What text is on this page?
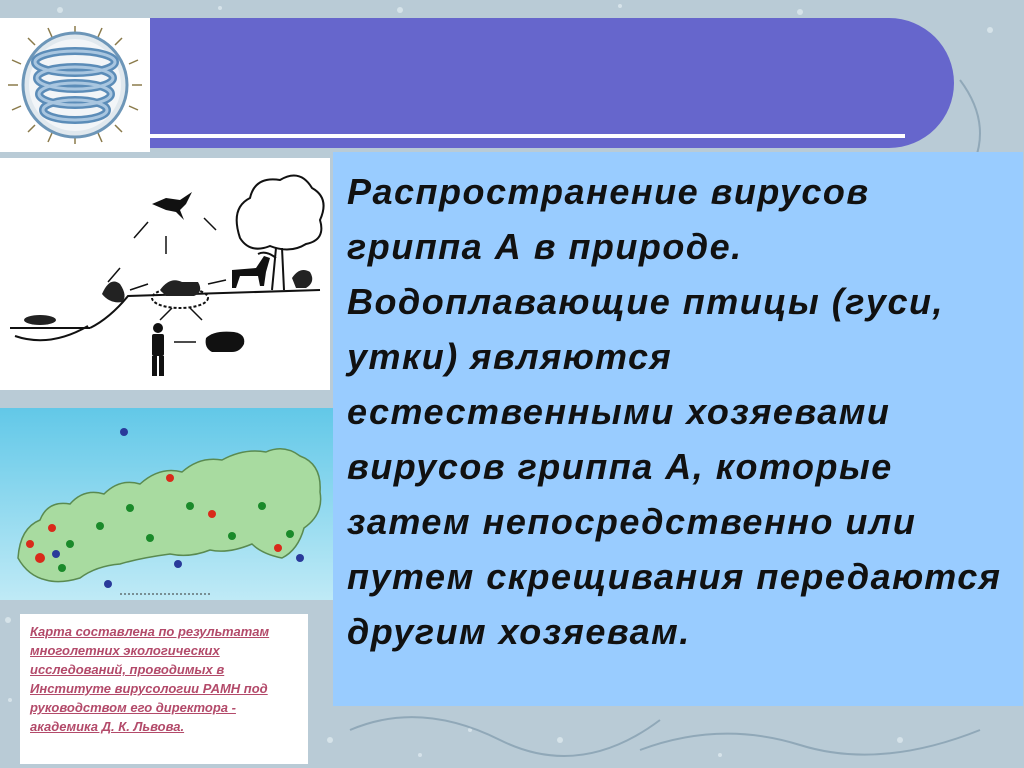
Карта составлена по результатам многолетних экологических исследований, проводимых в Институте вирусологии РАМН под руководством его директора - академика Д. К. Львова.
Распространение вирусов гриппа А в природе. Водоплавающие птицы (гуси, утки) являются естественными хозяевами вирусов гриппа А, которые затем непосредственно или путем скрещивания передаются другим хозяевам.
